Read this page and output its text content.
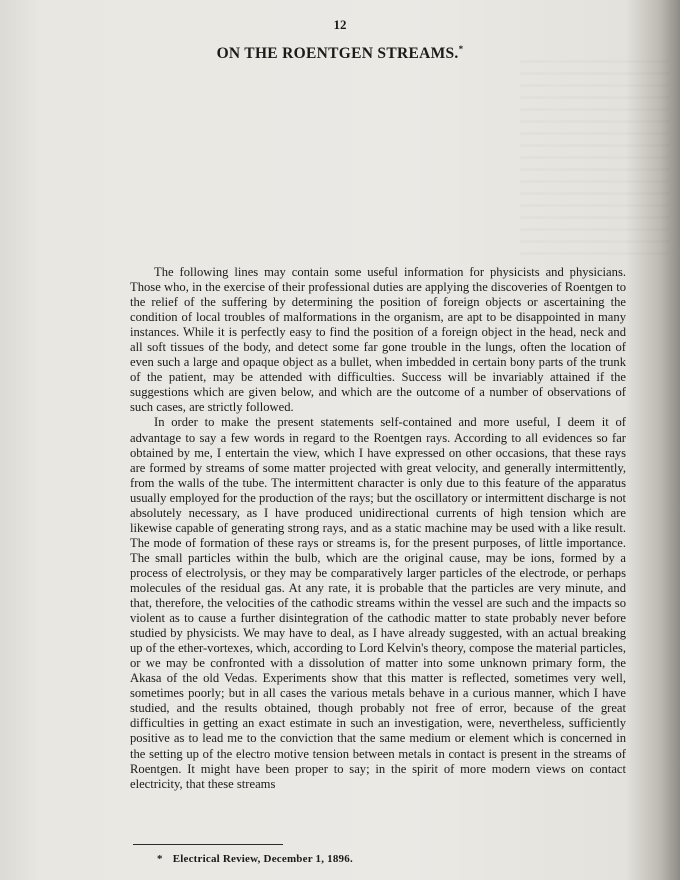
12
ON THE ROENTGEN STREAMS.*

The following lines may contain some useful information for physicists and physicians. Those who, in the exercise of their professional duties are applying the discoveries of Roentgen to the relief of the suffering by determining the position of foreign objects or ascertaining the condition of local troubles of malformations in the organism, are apt to be disappointed in many instances. While it is perfectly easy to find the position of a foreign object in the head, neck and all soft tissues of the body, and detect some far gone trouble in the lungs, often the location of even such a large and opaque object as a bullet, when imbedded in certain bony parts of the trunk of the patient, may be attended with difficulties. Success will be invariably attained if the suggestions which are given below, and which are the outcome of a number of observations of such cases, are strictly followed.

In order to make the present statements self-contained and more useful, I deem it of advantage to say a few words in regard to the Roentgen rays. According to all evidences so far obtained by me, I entertain the view, which I have expressed on other occasions, that these rays are formed by streams of some matter projected with great velocity, and generally intermittently, from the walls of the tube. The intermittent character is only due to this feature of the apparatus usually employed for the production of the rays; but the oscillatory or intermittent discharge is not absolutely necessary, as I have produced unidirectional currents of high tension which are likewise capable of generating strong rays, and as a static machine may be used with a like result. The mode of formation of these rays or streams is, for the present purposes, of little importance. The small particles within the bulb, which are the original cause, may be ions, formed by a process of electrolysis, or they may be comparatively larger particles of the electrode, or perhaps molecules of the residual gas. At any rate, it is probable that the particles are very minute, and that, therefore, the velocities of the cathodic streams within the vessel are such and the impacts so violent as to cause a further disintegration of the cathodic matter to state probably never before studied by physicists. We may have to deal, as I have already suggested, with an actual breaking up of the ether-vortexes, which, according to Lord Kelvin's theory, compose the material particles, or we may be confronted with a dissolution of matter into some unknown primary form, the Akasa of the old Vedas. Experiments show that this matter is reflected, sometimes very well, sometimes poorly; but in all cases the various metals behave in a curious manner, which I have studied, and the results obtained, though probably not free of error, because of the great difficulties in getting an exact estimate in such an investigation, were, nevertheless, sufficiently positive as to lead me to the conviction that the same medium or element which is concerned in the setting up of the electro motive tension between metals in contact is present in the streams of Roentgen. It might have been proper to say; in the spirit of more modern views on contact electricity, that these streams

* Electrical Review, December 1, 1896.
